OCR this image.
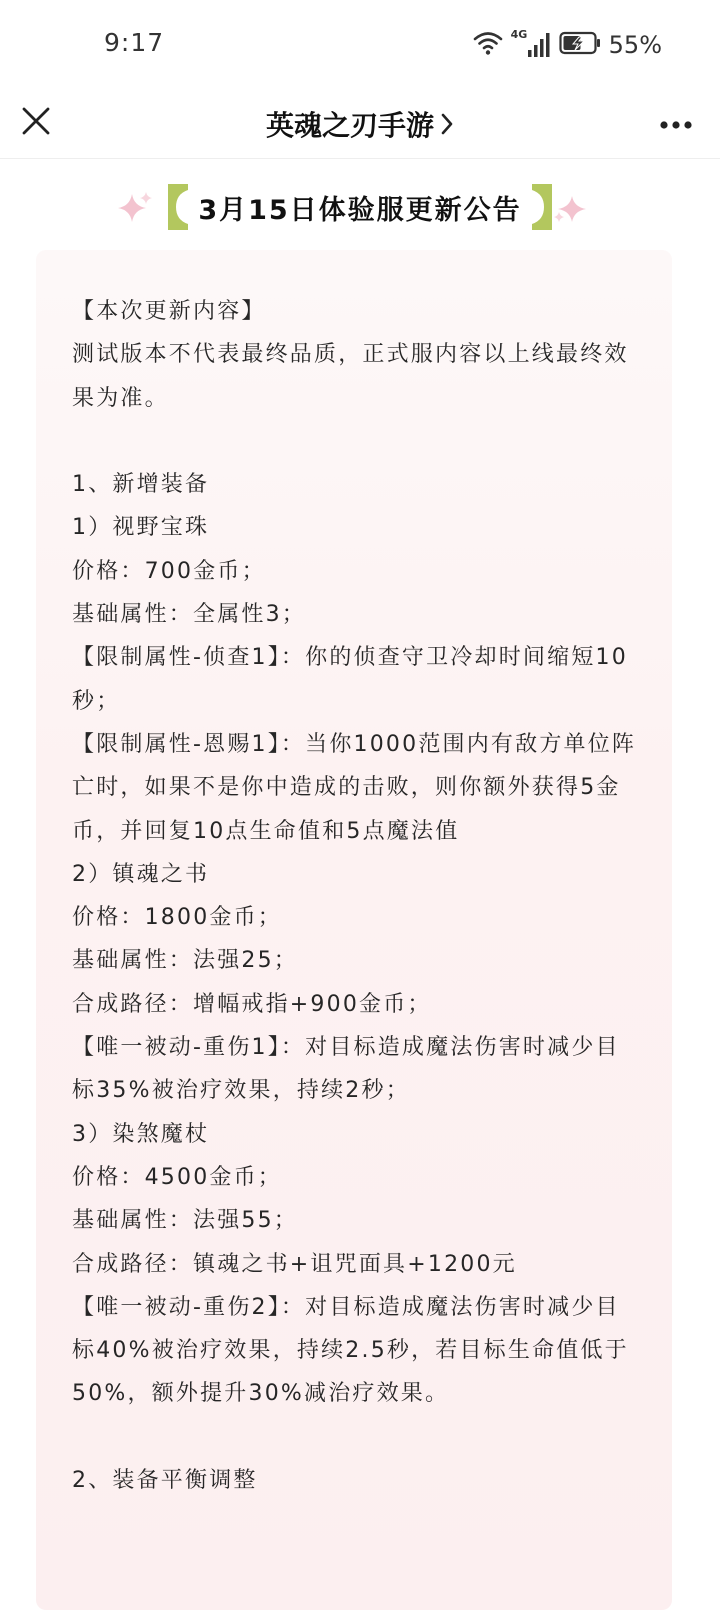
9:17	4G	55%
英魂之刃手游
3月15日体验服更新公告

【本次更新内容】

测试版本不代表最终品质，正式服内容以上线最终效果为准。

1、新增装备

1）视野宝珠

价格：700金币；

基础属性：全属性3；

【限制属性-侦查1】：你的侦查守卫冷却时间缩短10秒；

【限制属性-恩赐1】：当你1000范围内有敌方单位阵亡时，如果不是你中造成的击败，则你额外获得5金币，并回复10点生命值和5点魔法值

2）镇魂之书

价格：1800金币；

基础属性：法强25；

合成路径：增幅戒指+900金币；

【唯一被动-重伤1】：对目标造成魔法伤害时减少目标35%被治疗效果，持续2秒；

3）染煞魔杖

价格：4500金币；

基础属性：法强55；

合成路径：镇魂之书+诅咒面具+1200元

【唯一被动-重伤2】：对目标造成魔法伤害时减少目标40%被治疗效果，持续2.5秒，若目标生命值低于50%，额外提升30%减治疗效果。

2、装备平衡调整
